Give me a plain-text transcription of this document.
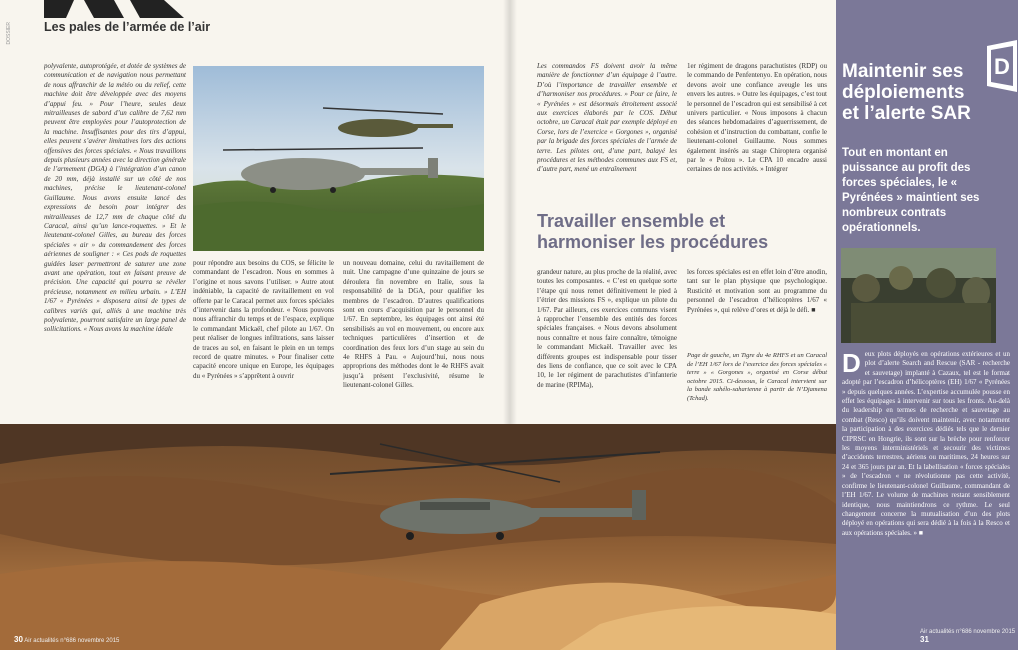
Les pales de l’armée de l’air
DOSSIER
polyvalente, autoprotégée, et dotée de systèmes de communication et de navigation nous permettant de nous affranchir de la météo ou du relief, cette machine doit être développée avec des moyens d’appui feu. » Pour l’heure, seules deux mitrailleuses de sabord d’un calibre de 7,62 mm peuvent être employées pour l’autoprotection de la machine. Insuffisantes pour des tirs d’appui, elles peuvent s’avérer limitatives lors des actions offensives des forces spéciales. « Nous travaillons depuis plusieurs années avec la direction générale de l’armement (DGA) à l’intégration d’un canon de 20 mm, déjà installé sur un côté de nos machines, précise le lieutenant-colonel Guillaume. Nous avons ensuite lancé des expressions de besoin pour intégrer des mitrailleuses de 12,7 mm de chaque côté du Caracal, ainsi qu’un lance-roquettes. » Et le lieutenant-colonel Gilles, au bureau des forces spéciales « air » du commandement des forces aériennes de souligner : « Ces pods de roquettes guidées laser permettront de saturer une zone avant une opération, tout en faisant preuve de précision. Une capacité qui pourra se révéler précieuse, notamment en milieu urbain. » L’EH 1/67 « Pyrénées » disposera ainsi de types de calibres variés qui, alliés à une machine très polyvalente, pourront satisfaire un large panel de sollicitations. « Nous avons la machine idéale
pour répondre aux besoins du COS, se félicite le commandant de l’escadron. Nous en sommes à l’origine et nous savons l’utiliser. » Autre atout indéniable, la capacité de ravitaillement en vol offerte par le Caracal permet aux forces spéciales d’intervenir dans la profondeur. « Nous pouvons nous affranchir du temps et de l’espace, explique le commandant Mickaël, chef pilote au 1/67. On peut réaliser de longues infiltrations, sans laisser de traces au sol, en faisant le plein en un temps record de quatre minutes. » Pour finaliser cette capacité encore unique en Europe, les équipages du « Pyrénées » s’apprêtent à ouvrir
un nouveau domaine, celui du ravitaillement de nuit. Une campagne d’une quinzaine de jours se déroulera fin novembre en Italie, sous la responsabilité de la DGA, pour qualifier les membres de l’escadron. D’autres qualifications sont en cours d’acquisition par le personnel du 1/67. En septembre, les équipages ont ainsi été sensibilisés au vol en mouvement, ou encore aux techniques particulières d’insertion et de coordination des feux lors d’un stage au sein du 4e RHFS à Pau. « Aujourd’hui, nous nous approprions des méthodes dont le 4e RHFS avait jusqu’à présent l’exclusivité, résume le lieutenant-colonel Gilles.
Les commandos FS doivent avoir la même manière de fonctionner d’un équipage à l’autre. D’où l’importance de travailler ensemble et d’harmoniser nos procédures. » Pour ce faire, le « Pyrénées » est désormais étroitement associé aux exercices élaborés par le COS. Début octobre, un Caracal était par exemple déployé en Corse, lors de l’exercice « Gorgones », organisé par la brigade des forces spéciales de l’armée de terre. Les pilotes ont, d’une part, balayé les procédures et les méthodes communes aux FS et, d’autre part, mené un entraînement
1er régiment de dragons parachutistes (RDP) ou le commando de Penfentenyo. En opération, nous devons avoir une confiance aveugle les uns envers les autres. » Outre les équipages, c’est tout le personnel de l’escadron qui est sensibilisé à cet univers particulier. « Nous imposons à chacun des séances hebdomadaires d’aguerrissement, de cohésion et d’instruction du combattant, confie le lieutenant-colonel Guillaume. Nous sommes également insérés au stage Chiroptera organisé par le « Poitou ». Le CPA 10 encadre aussi certaines de nos activités. » Intégrer
Travailler ensemble et harmoniser les procédures
grandeur nature, au plus proche de la réalité, avec toutes les composantes. « C’est en quelque sorte l’étape qui nous remet définitivement le pied à l’étrier des missions FS », explique un pilote du 1/67. Par ailleurs, ces exercices communs visent à rapprocher l’ensemble des entités des forces spéciales françaises. « Nous devons absolument nous connaître et nous faire connaître, témoigne le commandant Mickaël. Travailler avec les différents groupes est indispensable pour tisser des liens de confiance, que ce soit avec le CPA 10, le 1er régiment de parachutistes d’infanterie de marine (RPIMa),
les forces spéciales est en effet loin d’être anodin, tant sur le plan physique que psychologique. Rusticité et motivation sont au programme du personnel de l’escadron d’hélicoptères 1/67 « Pyrénées », qui relève d’ores et déjà le défi. ■
Page de gauche, un Tigre du 4e RHFS et un Caracal de l’EH 1/67 lors de l’exercice des forces spéciales « terre » « Gorgones », organisé en Corse début octobre 2015. Ci-dessous, le Caracal intervient sur la bande sahélo-saharienne à partir de N’Djamena (Tchad).
D
Maintenir ses déploiements et l’alerte SAR
Tout en montant en puissance au profit des forces spéciales, le « Pyrénées » maintient ses nombreux contrats opérationnels.
Deux plots déployés en opérations extérieures et un plot d’alerte Search and Rescue (SAR - recherche et sauvetage) implanté à Cazaux, tel est le format adopté par l’escadron d’hélicoptères (EH) 1/67 « Pyrénées » depuis quelques années. L’expertise accumulée pousse en effet les équipages à intervenir sur tous les fronts. Au-delà du leadership en termes de recherche et sauvetage au combat (Resco) qu’ils doivent maintenir, avec notamment la participation à des exercices dédiés tels que le dernier CIPRSC en Hongrie, ils sont sur la brèche pour renforcer les moyens interministériels et secourir des victimes d’accidents terrestres, aériens ou maritimes, 24 heures sur 24 et 365 jours par an. Et la labellisation « forces spéciales » de l’escadron « ne révolutionne pas cette activité, confirme le lieutenant-colonel Guillaume, commandant de l’EH 1/67. Le volume de machines restant sensiblement identique, nous maintiendrons ce rythme. Le seul changement concerne la mutualisation d’un des plots déployé en opérations qui sera dédié à la fois à la Resco et aux opérations spéciales. » ■
30 Air actualités n°686 novembre 2015
Air actualités n°686 novembre 2015 31
